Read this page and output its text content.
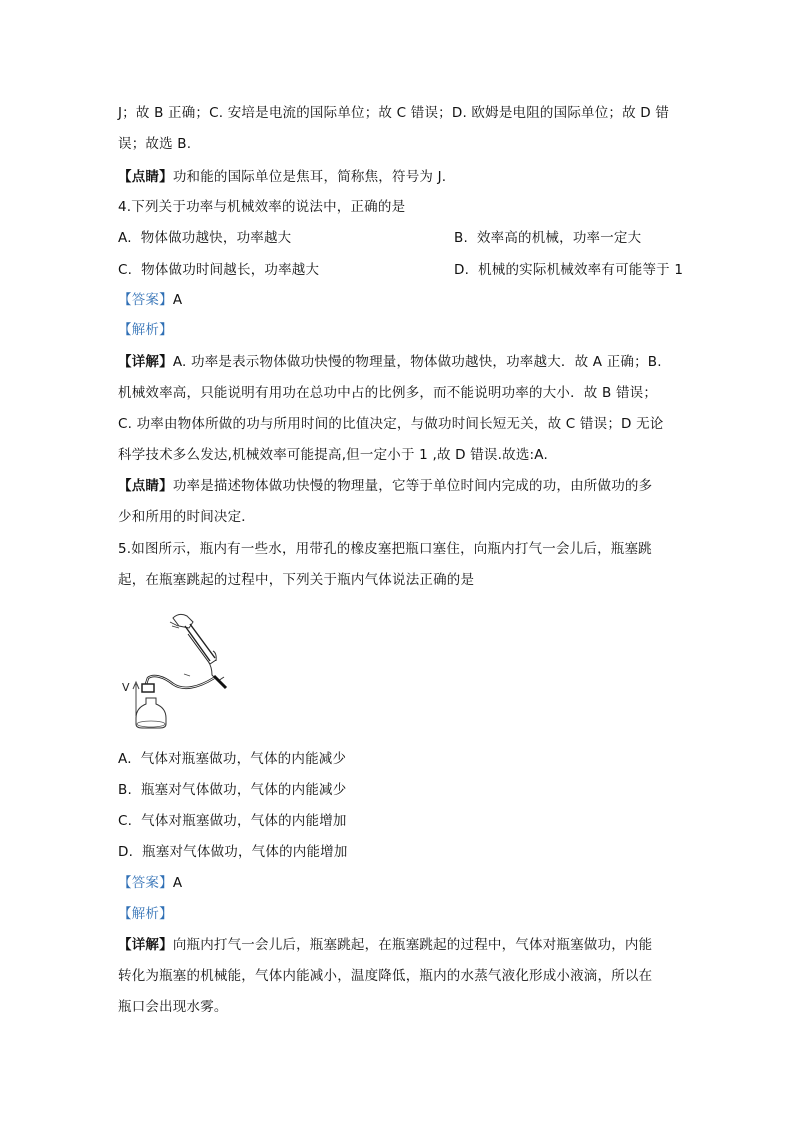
J；故 B 正确；C. 安培是电流的国际单位；故 C 错误；D. 欧姆是电阻的国际单位；故 D 错
误；故选 B.
【点睛】功和能的国际单位是焦耳，简称焦，符号为 J.
4.下列关于功率与机械效率的说法中，正确的是
A. 物体做功越快，功率越大	B. 效率高的机械，功率一定大
C. 物体做功时间越长，功率越大	D. 机械的实际机械效率有可能等于 1
【答案】A
【解析】
【详解】A. 功率是表示物体做功快慢的物理量，物体做功越快，功率越大．故 A 正确；B.
机械效率高，只能说明有用功在总功中占的比例多，而不能说明功率的大小．故 B 错误；
C. 功率由物体所做的功与所用时间的比值决定，与做功时间长短无关，故 C 错误；D 无论
科学技术多么发达,机械效率可能提高,但一定小于 1 ,故 D 错误.故选:A.
【点睛】功率是描述物体做功快慢的物理量，它等于单位时间内完成的功，由所做功的多
少和所用的时间决定．
5.如图所示，瓶内有一些水，用带孔的橡皮塞把瓶口塞住，向瓶内打气一会儿后，瓶塞跳
起，在瓶塞跳起的过程中，下列关于瓶内气体说法正确的是
V
A. 气体对瓶塞做功，气体的内能减少
B. 瓶塞对气体做功，气体的内能减少
C. 气体对瓶塞做功，气体的内能增加
D. 瓶塞对气体做功，气体的内能增加
【答案】A
【解析】
【详解】向瓶内打气一会儿后，瓶塞跳起，在瓶塞跳起的过程中，气体对瓶塞做功，内能
转化为瓶塞的机械能，气体内能减小，温度降低，瓶内的水蒸气液化形成小液滴，所以在
瓶口会出现水雾。
